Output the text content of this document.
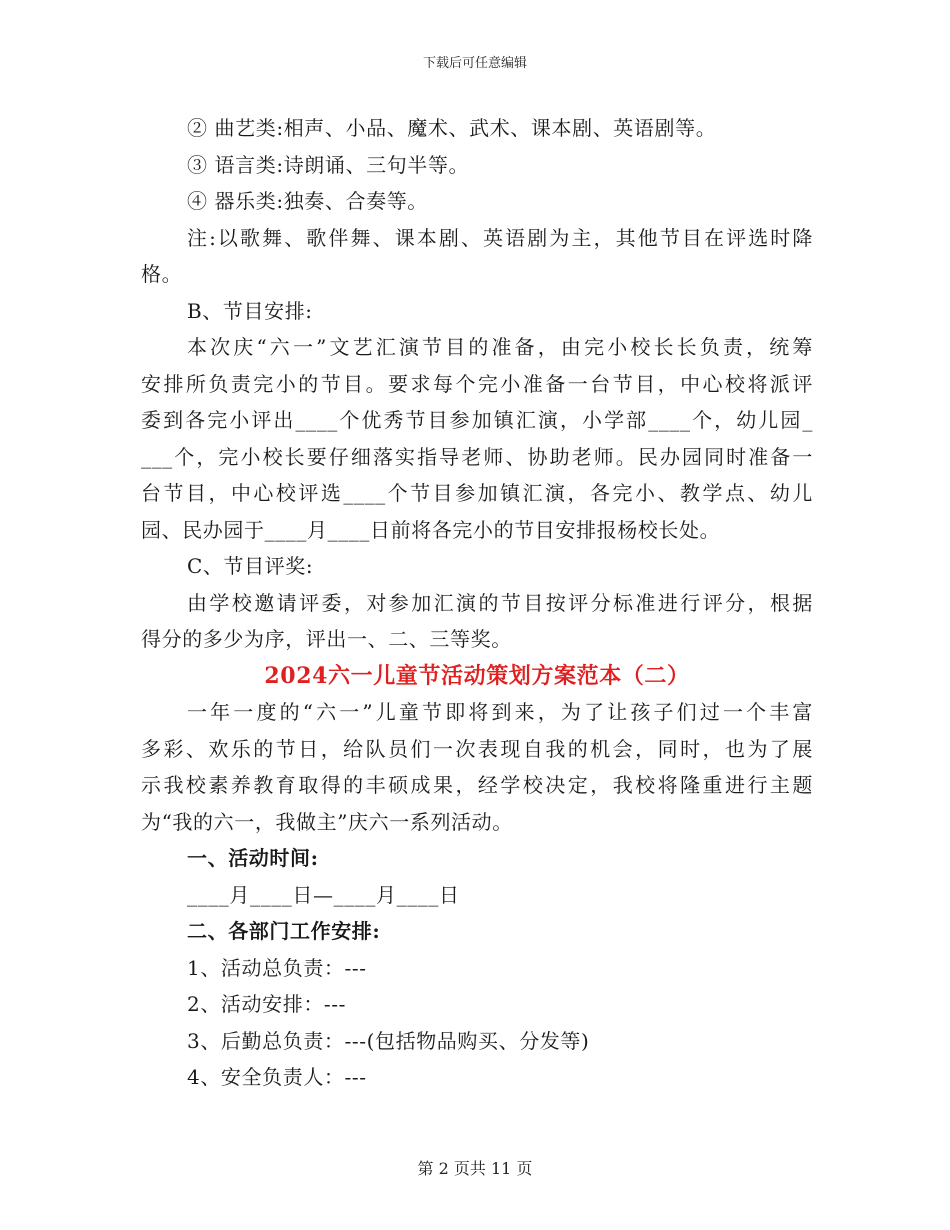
下载后可任意编辑
② 曲艺类:相声、小品、魔术、武术、课本剧、英语剧等。
③ 语言类:诗朗诵、三句半等。
④ 器乐类:独奏、合奏等。
注:以歌舞、歌伴舞、课本剧、英语剧为主，其他节目在评选时降
格。
B、节目安排:
本次庆“六一”文艺汇演节目的准备，由完小校长长负责，统筹
安排所负责完小的节目。要求每个完小准备一台节目，中心校将派评
委到各完小评出____个优秀节目参加镇汇演，小学部____个，幼儿园_
___个，完小校长要仔细落实指导老师、协助老师。民办园同时准备一
台节目，中心校评选____个节目参加镇汇演，各完小、教学点、幼儿
园、民办园于____月____日前将各完小的节目安排报杨校长处。
C、节目评奖:
由学校邀请评委，对参加汇演的节目按评分标准进行评分，根据
得分的多少为序，评出一、二、三等奖。
2024六一儿童节活动策划方案范本（二）
一年一度的“六一”儿童节即将到来，为了让孩子们过一个丰富
多彩、欢乐的节日，给队员们一次表现自我的机会，同时，也为了展
示我校素养教育取得的丰硕成果，经学校决定，我校将隆重进行主题
为“我的六一，我做主”庆六一系列活动。
一、活动时间:
____月____日—____月____日
二、各部门工作安排:
1、活动总负责：---
2、活动安排：---
3、后勤总负责：---(包括物品购买、分发等)
4、安全负责人：---
第 2 页共 11 页
